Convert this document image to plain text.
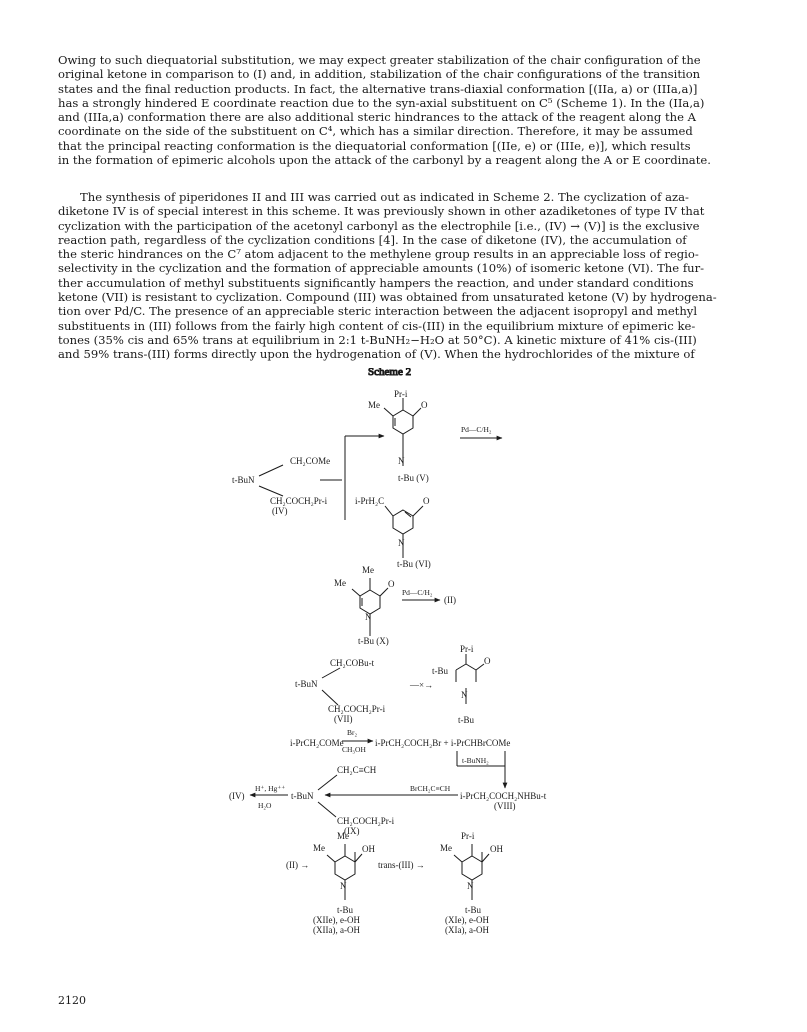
Owing to such diequatorial substitution, we may expect greater stabilization of the chair configuration of the
original ketone in comparison to (I) and, in addition, stabilization of the chair configurations of the transition
states and the final reduction products. In fact, the alternative trans-diaxial conformation [(IIa, a) or (IIIa,a)]
has a strongly hindered E coordinate reaction due to the syn-axial substituent on C⁵ (Scheme 1). In the (IIa,a)
and (IIIa,a) conformation there are also additional steric hindrances to the attack of the reagent along the A
coordinate on the side of the substituent on C⁴, which has a similar direction. Therefore, it may be assumed
that the principal reacting conformation is the diequatorial conformation [(IIe, e) or (IIIe, e)], which results
in the formation of epimeric alcohols upon the attack of the carbonyl by a reagent along the A or E coordinate.
The synthesis of piperidones II and III was carried out as indicated in Scheme 2. The cyclization of aza-
diketone IV is of special interest in this scheme. It was previously shown in other azadiketones of type IV that
cyclization with the participation of the acetonyl carbonyl as the electrophile [i.e., (IV) → (V)] is the exclusive
reaction path, regardless of the cyclization conditions [4]. In the case of diketone (IV), the accumulation of
the steric hindrances on the C⁷ atom adjacent to the methylene group results in an appreciable loss of regio-
selectivity in the cyclization and the formation of appreciable amounts (10%) of isomeric ketone (VI). The fur-
ther accumulation of methyl substituents significantly hampers the reaction, and under standard conditions
ketone (VII) is resistant to cyclization. Compound (III) was obtained from unsaturated ketone (V) by hydrogena-
tion over Pd/C. The presence of an appreciable steric interaction between the adjacent isopropyl and methyl
substituents in (III) follows from the fairly high content of cis-(III) in the equilibrium mixture of epimeric ke-
tones (35% cis and 65% trans at equilibrium in 2:1 t-BuNH₂−H₂O at 50°C). A kinetic mixture of 41% cis-(III)
and 59% trans-(III) forms directly upon the hydrogenation of (V). When the hydrochlorides of the mixture of
Scheme 2
Pr-i
Me	O
N
t-Bu (V)
Pd—C/H₂
CH₂COMe
t-BuN
CH₂COCH₂Pr-i
(IV)
i-PrH₂C	O
N
t-Bu (VI)
Me
Me	O
N
t-Bu (X)
Pd—C/H₂
(II)
CH₂COBu-t
t-BuN
CH₂COCH₂Pr-i
(VII)
—×→
Pr-i
O
t-Bu
N
t-Bu
Br₂
i-PrCH₂COMe
CH₃OH
i-PrCH₂COCH₂Br + i-PrCHBrCOMe
t-BuNH₂
CH₂C≡CH
(IV)
H⁺, Hg⁺⁺
H₂O
t-BuN
CH₂COCH₂Pr-i
(IX)
BrCH₂C≡CH
i-PrCH₂COCH₂NHBu-t
(VIII)
Me
Me	OH
(II) →
N
t-Bu
(XIIe), e-OH
(XIIa), a-OH
trans-(III) →
Pr-i
Me	OH
N
t-Bu
(XIe), e-OH
(XIa), a-OH
2120
